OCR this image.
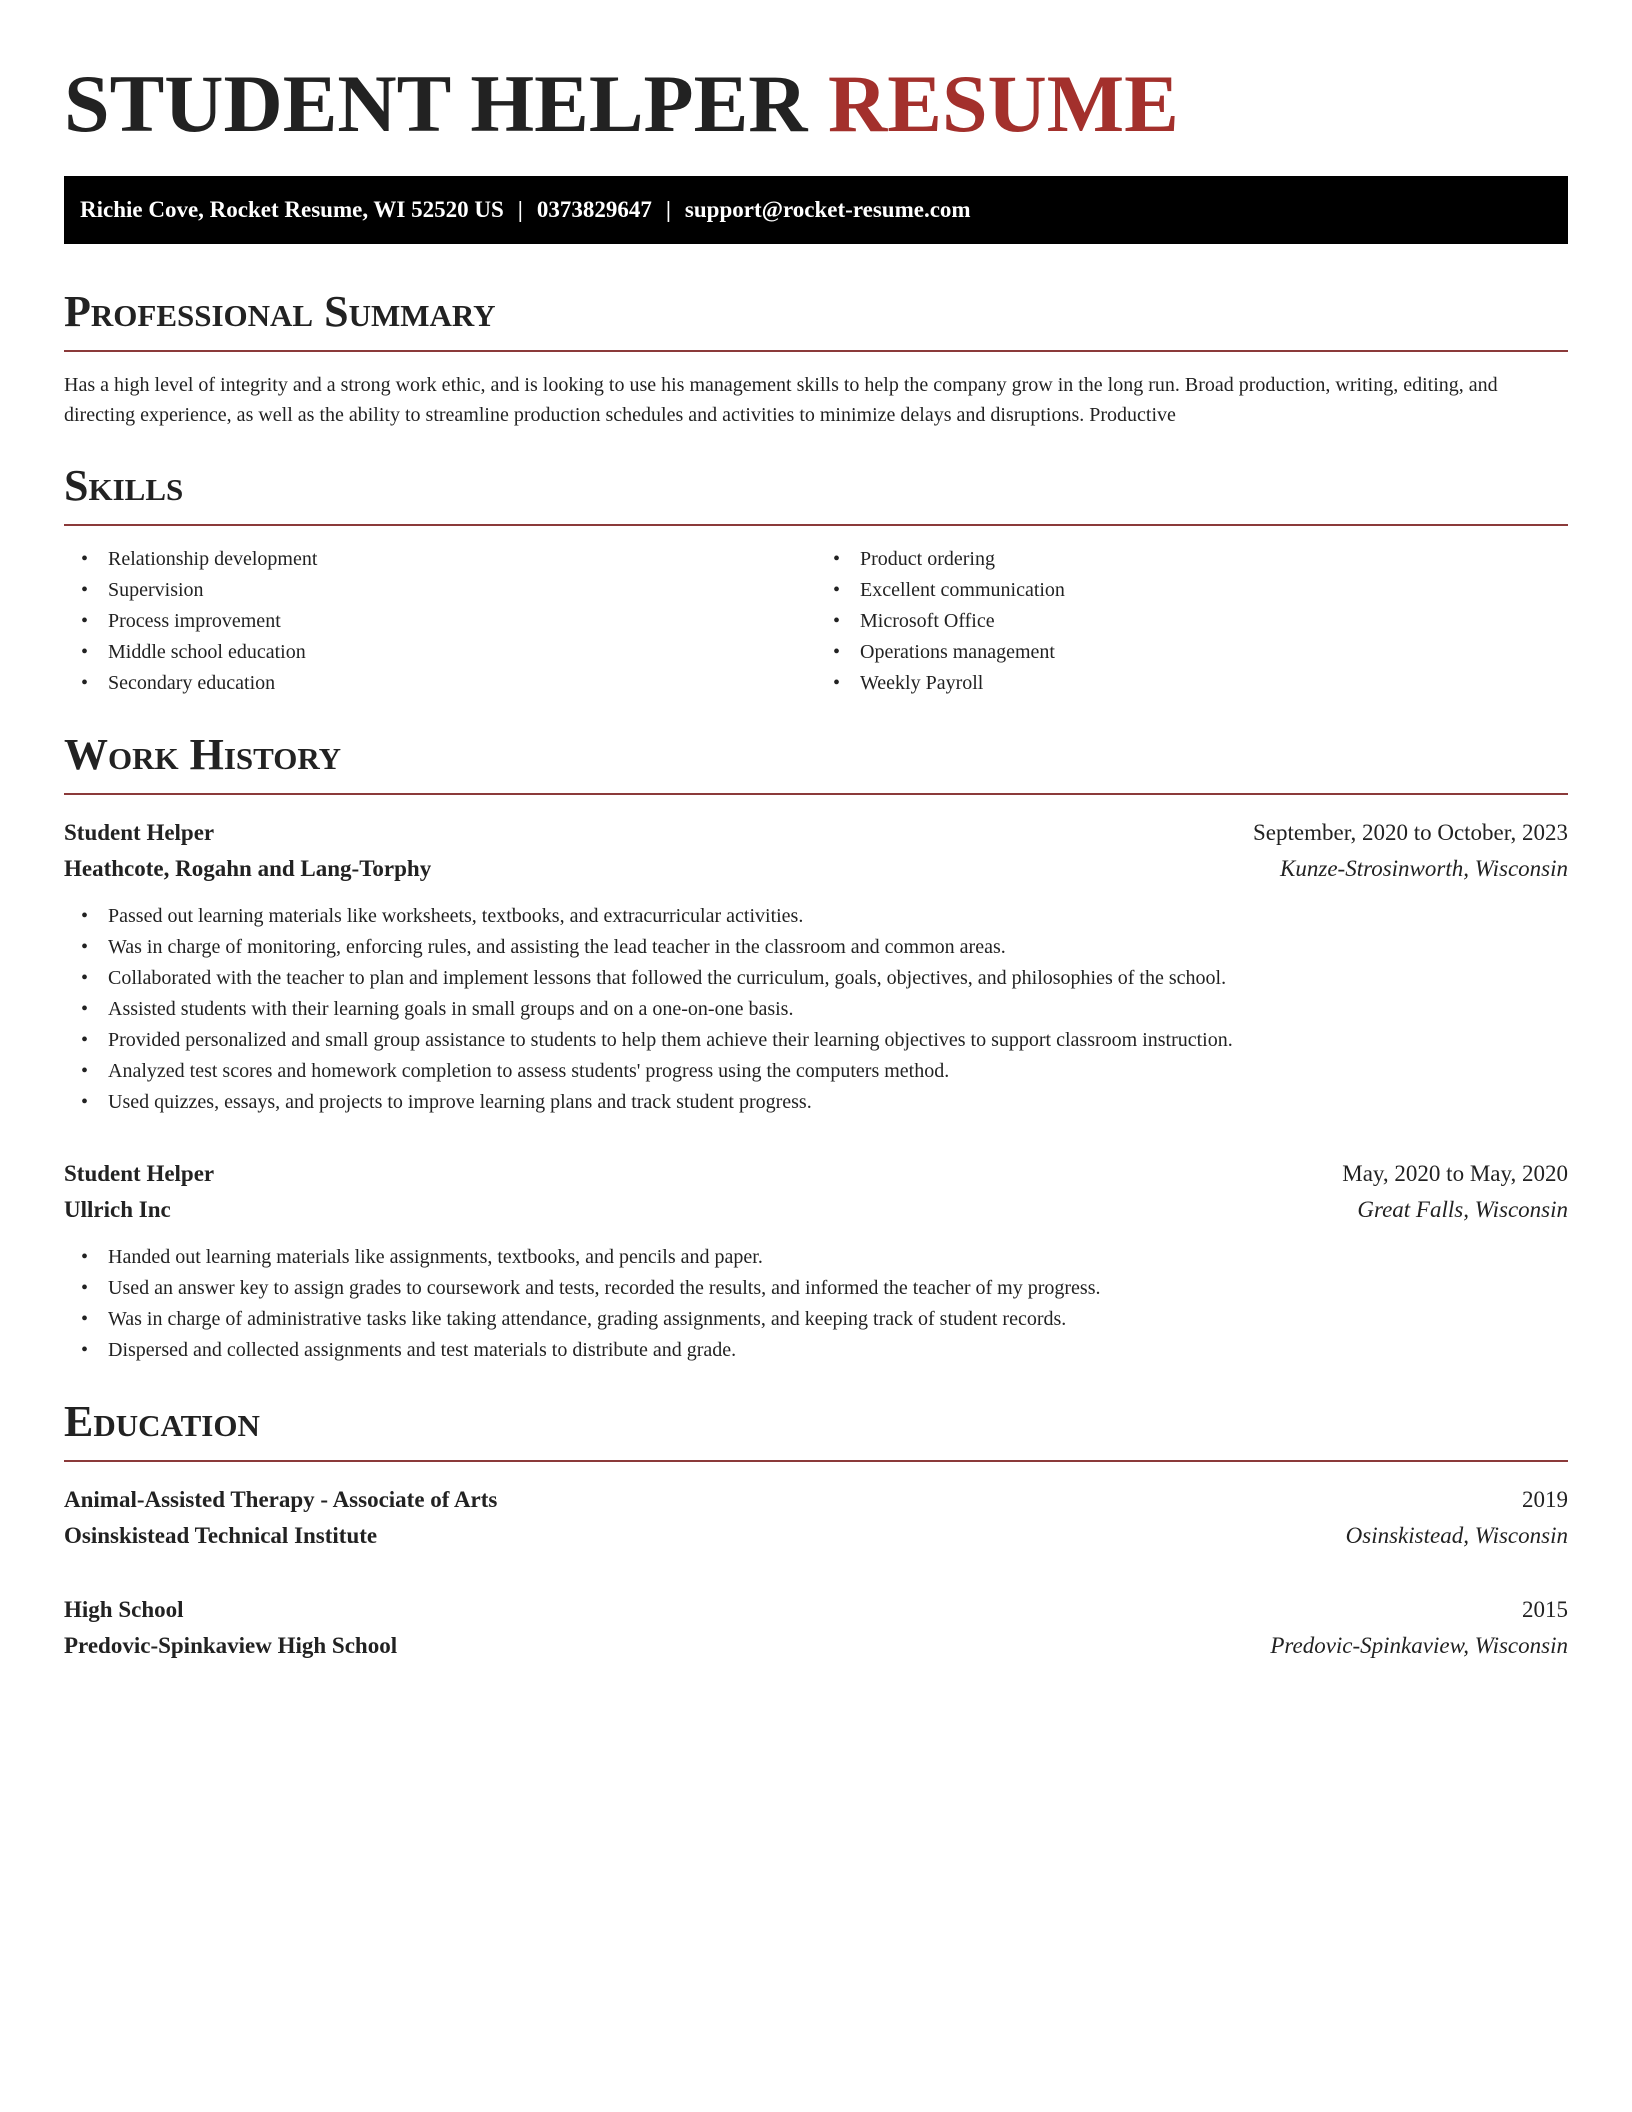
STUDENT HELPER RESUME
Richie Cove, Rocket Resume, WI 52520 US | 0373829647 | support@rocket-resume.com
Professional Summary

Has a high level of integrity and a strong work ethic, and is looking to use his management skills to help the company grow in the long run. Broad production, writing, editing, and directing experience, as well as the ability to streamline production schedules and activities to minimize delays and disruptions. Productive

Skills
• Relationship development
• Supervision
• Process improvement
• Middle school education
• Secondary education
• Product ordering
• Excellent communication
• Microsoft Office
• Operations management
• Weekly Payroll
Work History
Student Helper	September, 2020 to October, 2023
Heathcote, Rogahn and Lang-Torphy	Kunze-Strosinworth, Wisconsin
• Passed out learning materials like worksheets, textbooks, and extracurricular activities.
• Was in charge of monitoring, enforcing rules, and assisting the lead teacher in the classroom and common areas.
• Collaborated with the teacher to plan and implement lessons that followed the curriculum, goals, objectives, and philosophies of the school.
• Assisted students with their learning goals in small groups and on a one-on-one basis.
• Provided personalized and small group assistance to students to help them achieve their learning objectives to support classroom instruction.
• Analyzed test scores and homework completion to assess students' progress using the computers method.
• Used quizzes, essays, and projects to improve learning plans and track student progress.
Student Helper	May, 2020 to May, 2020
Ullrich Inc	Great Falls, Wisconsin
• Handed out learning materials like assignments, textbooks, and pencils and paper.
• Used an answer key to assign grades to coursework and tests, recorded the results, and informed the teacher of my progress.
• Was in charge of administrative tasks like taking attendance, grading assignments, and keeping track of student records.
• Dispersed and collected assignments and test materials to distribute and grade.
Education
Animal-Assisted Therapy - Associate of Arts	2019
Osinskistead Technical Institute	Osinskistead, Wisconsin
High School	2015
Predovic-Spinkaview High School	Predovic-Spinkaview, Wisconsin
